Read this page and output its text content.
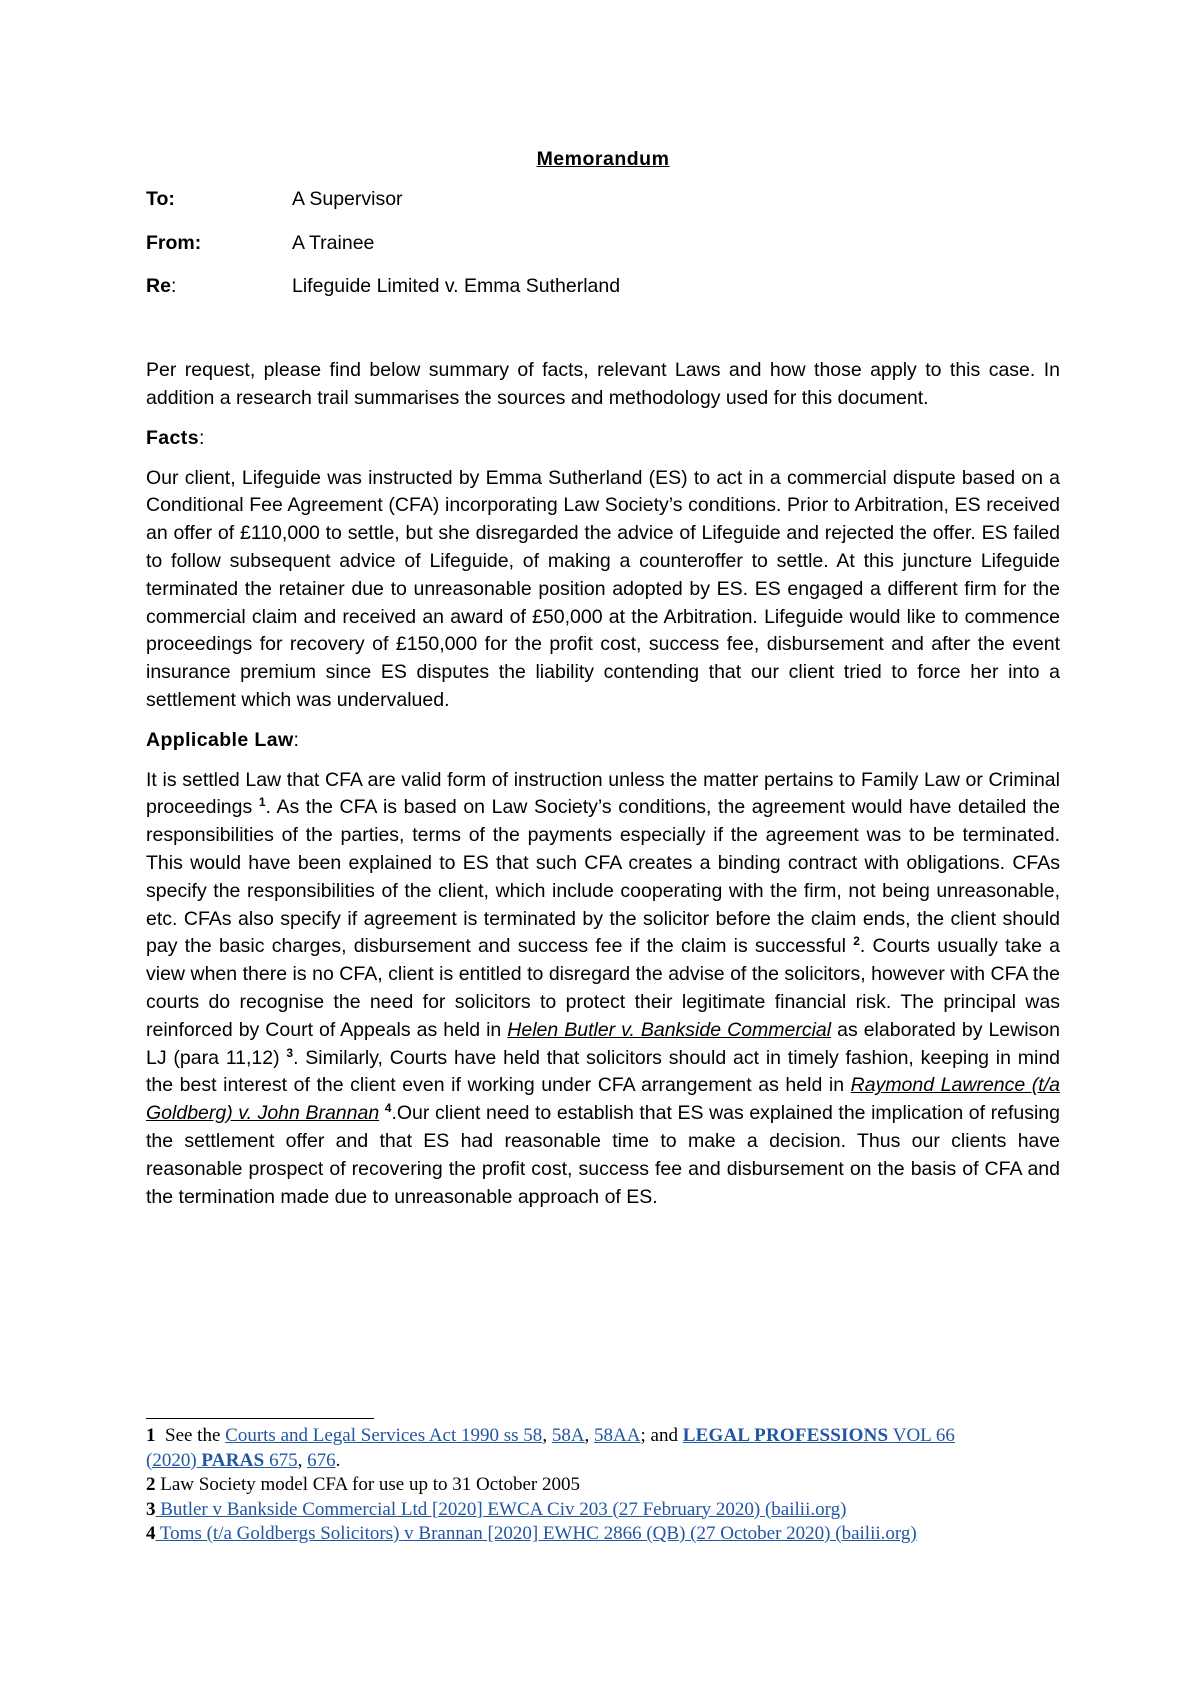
Memorandum
To:	A Supervisor
From:	A Trainee
Re:	Lifeguide Limited v. Emma Sutherland

Per request, please find below summary of facts, relevant Laws and how those apply to this case. In addition a research trail summarises the sources and methodology used for this document.

Facts:

Our client, Lifeguide was instructed by Emma Sutherland (ES) to act in a commercial dispute based on a Conditional Fee Agreement (CFA) incorporating Law Society’s conditions. Prior to Arbitration, ES received an offer of £110,000 to settle, but she disregarded the advice of Lifeguide and rejected the offer. ES failed to follow subsequent advice of Lifeguide, of making a counteroffer to settle. At this juncture Lifeguide terminated the retainer due to unreasonable position adopted by ES. ES engaged a different firm for the commercial claim and received an award of £50,000 at the Arbitration. Lifeguide would like to commence proceedings for recovery of £150,000 for the profit cost, success fee, disbursement and after the event insurance premium since ES disputes the liability contending that our client tried to force her into a settlement which was undervalued.

Applicable Law:

It is settled Law that CFA are valid form of instruction unless the matter pertains to Family Law or Criminal proceedings $^1$. As the CFA is based on Law Society’s conditions, the agreement would have detailed the responsibilities of the parties, terms of the payments especially if the agreement was to be terminated. This would have been explained to ES that such CFA creates a binding contract with obligations. CFAs specify the responsibilities of the client, which include cooperating with the firm, not being unreasonable, etc. CFAs also specify if agreement is terminated by the solicitor before the claim ends, the client should pay the basic charges, disbursement and success fee if the claim is successful $^2$. Courts usually take a view when there is no CFA, client is entitled to disregard the advise of the solicitors, however with CFA the courts do recognise the need for solicitors to protect their legitimate financial risk. The principal was reinforced by Court of Appeals as held in Helen Butler v. Bankside Commercial as elaborated by Lewison LJ (para 11,12) $^3$. Similarly, Courts have held that solicitors should act in timely fashion, keeping in mind the best interest of the client even if working under CFA arrangement as held in Raymond Lawrence (t/a Goldberg) v. John Brannan $^4$.Our client need to establish that ES was explained the implication of refusing the settlement offer and that ES had reasonable time to make a decision. Thus our clients have reasonable prospect of recovering the profit cost, success fee and disbursement on the basis of CFA and the termination made due to unreasonable approach of ES.

1  See the Courts and Legal Services Act 1990 ss 58, 58A, 58AA; and LEGAL PROFESSIONS VOL 66
(2020) PARAS 675, 676.
2 Law Society model CFA for use up to 31 October 2005
3 Butler v Bankside Commercial Ltd [2020] EWCA Civ 203 (27 February 2020) (bailii.org)
4 Toms (t/a Goldbergs Solicitors) v Brannan [2020] EWHC 2866 (QB) (27 October 2020) (bailii.org)
